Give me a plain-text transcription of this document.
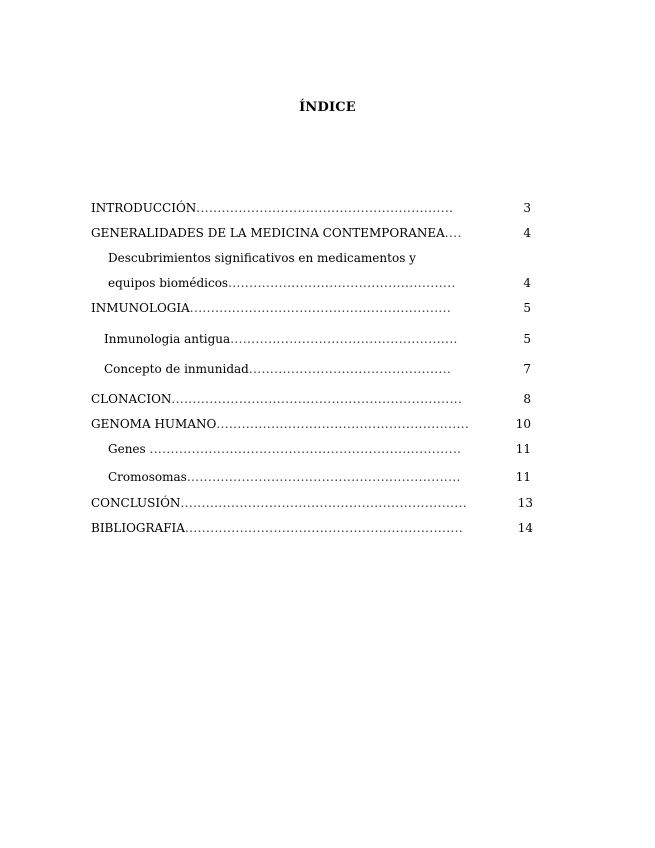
ÍNDICE
INTRODUCCIÓN.............................................................	3
GENERALIDADES DE LA MEDICINA CONTEMPORANEA....	4
Descubrimientos significativos en medicamentos y
equipos biomédicos......................................................	4
INMUNOLOGIA..............................................................	5
Inmunologia antigua......................................................	5
Concepto de inmunidad................................................	7
CLONACION.....................................................................	8
GENOMA HUMANO............................................................	10
Genes ..........................................................................	11
Cromosomas.................................................................	11
CONCLUSIÓN....................................................................	13
BIBLIOGRAFIA..................................................................	14
